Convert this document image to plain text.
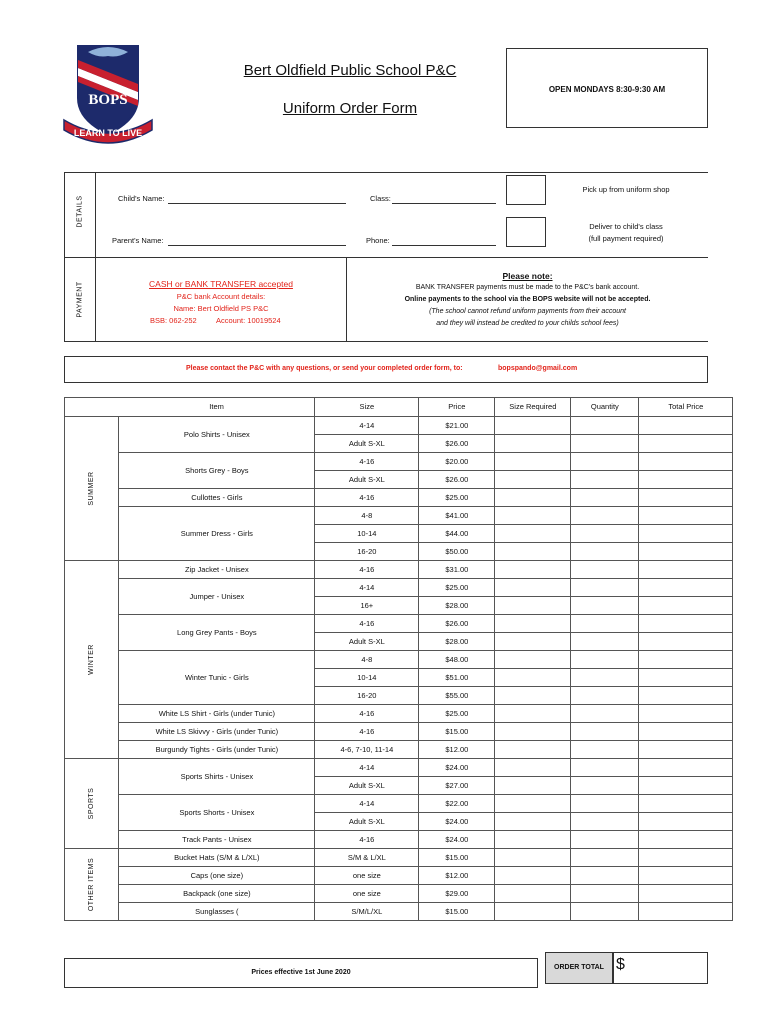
BOPS
LEARN TO LIVE
Bert Oldfield Public School P&C
Uniform Order Form
OPEN MONDAYS 8:30-9:30 AM
DETAILS	Child's Name:	Class:
Parent's Name:	Phone:
Pick up from uniform shop
Deliver to child's class
(full payment required)
PAYMENT	CASH or BANK TRANSFER accepted
P&C bank Account details:
Name: Bert Oldfield PS P&C
BSB: 062-252	Account: 10019524
Please note:
BANK TRANSFER payments must be made to the P&C's bank account.
Online payments to the school via the BOPS website will not be accepted.
(The school cannot refund uniform payments from their account
and they will instead be credited to your childs school fees)
Please contact the P&C with any questions, or send your completed order form, to:	bopspando@gmail.com
	Item	Size	Price	Size Required	Quantity	Total Price

SUMMER	Polo Shirts - Unisex	4-14	$21.00			
		Adult S-XL	$26.00			
	Shorts Grey - Boys	4-16	$20.00			
		Adult S-XL	$26.00			
	Cullottes - Girls	4-16	$25.00			
	Summer Dress - Girls	4-8	$41.00			
		10-14	$44.00			
		16-20	$50.00			

WINTER	Zip Jacket - Unisex	4-16	$31.00			
	Jumper - Unisex	4-14	$25.00			
		16+	$28.00			
	Long Grey Pants - Boys	4-16	$26.00			
		Adult S-XL	$28.00			
	Winter Tunic - Girls	4-8	$48.00			
		10-14	$51.00			
		16-20	$55.00			
	White LS Shirt - Girls (under Tunic)	4-16	$25.00			
	White LS Skivvy - Girls (under Tunic)	4-16	$15.00			
	Burgundy Tights - Girls (under Tunic)	4-6, 7-10, 11-14	$12.00			

SPORTS	Sports Shirts - Unisex	4-14	$24.00			
		Adult S-XL	$27.00			
	Sports Shorts - Unisex	4-14	$22.00			
		Adult S-XL	$24.00			
	Track Pants - Unisex	4-16	$24.00			

OTHER ITEMS	Bucket Hats (S/M & L/XL)	S/M & L/XL	$15.00			
	Caps (one size)	one size	$12.00			
	Backpack (one size)	one size	$29.00			
	Sunglasses (	S/M/L/XL	$15.00			
Prices effective 1st June 2020
ORDER TOTAL $
